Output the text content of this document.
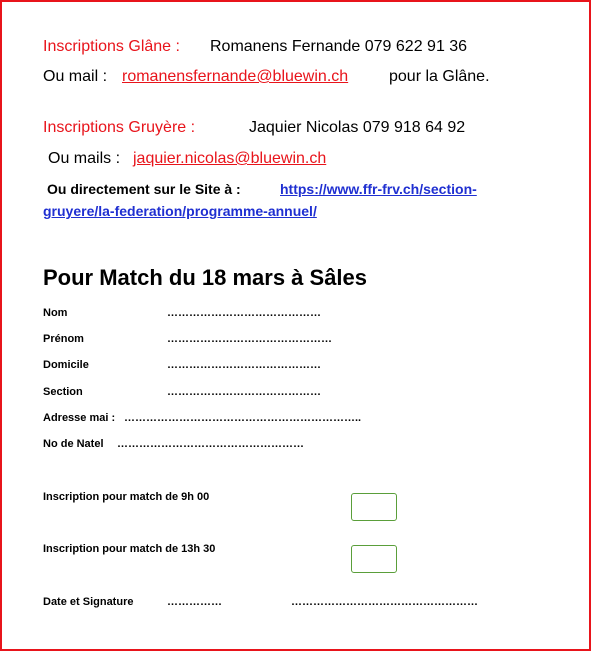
Inscriptions Glâne : Romanens Fernande 079 622 91 36
Ou mail : romanensfernande@bluewin.ch	pour la Glâne.
Inscriptions Gruyère :	Jaquier Nicolas 079 918 64 92
Ou mails : jaquier.nicolas@bluewin.ch
Ou directement sur le Site à :	https://www.ffr-frv.ch/section-
gruyere/la-federation/programme-annuel/
Pour Match du 18 mars à Sâles
Nom	……………………………………
Prénom	………………………………………
Domicile	……………………………………
Section	……………………………………
Adresse mai : ………………………………………………………..
No de Natel ……………………………………………
Inscription pour match de 9h 00
Inscription pour match de 13h 30
Date et Signature	……………	……………………………………………
